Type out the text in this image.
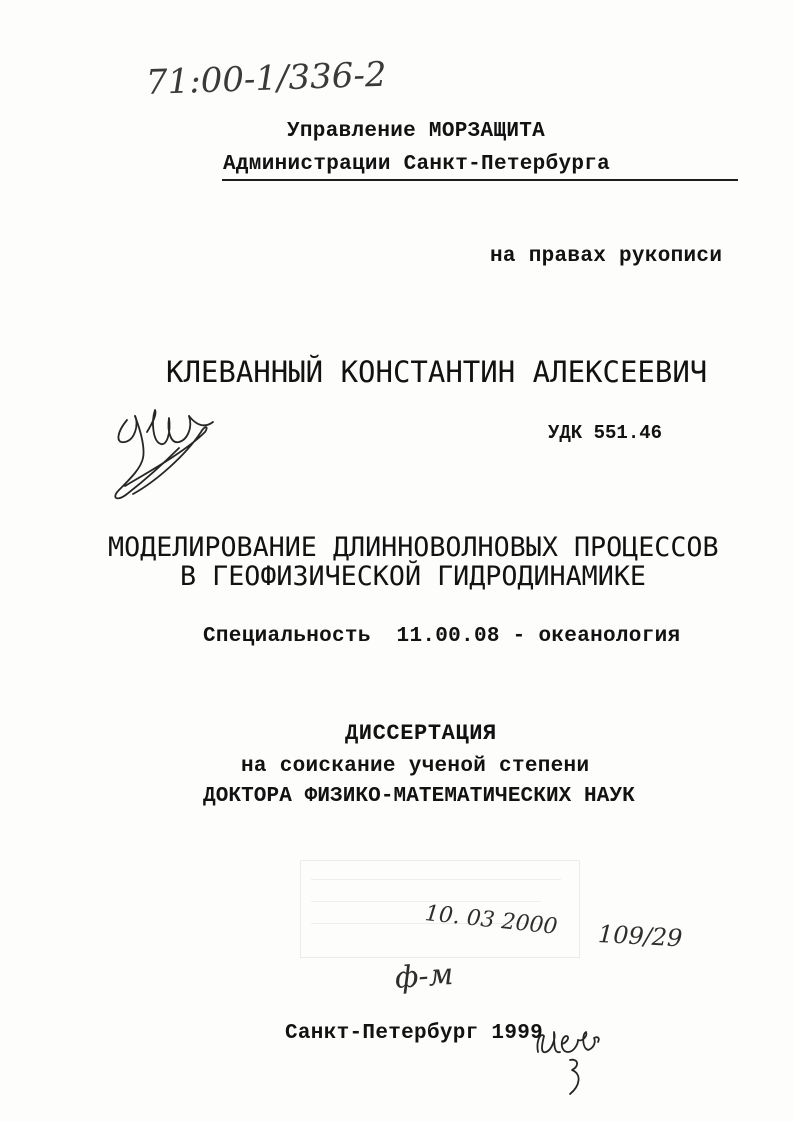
71:00-1/336-2
Управление МОРЗАЩИТА
Администрации Санкт-Петербурга
на правах рукописи
КЛЕВАННЫЙ КОНСТАНТИН АЛЕКСЕЕВИЧ
УДК 551.46
МОДЕЛИРОВАНИЕ ДЛИННОВОЛНОВЫХ ПРОЦЕССОВ
В ГЕОФИЗИЧЕСКОЙ ГИДРОДИНАМИКЕ
Специальность 11.00.08 - океанология
ДИССЕРТАЦИЯ
на соискание ученой степени
ДОКТОРА ФИЗИКО-МАТЕМАТИЧЕСКИХ НАУК
10. 03 2000 109/29
ф-м
Санкт-Петербург 1999
